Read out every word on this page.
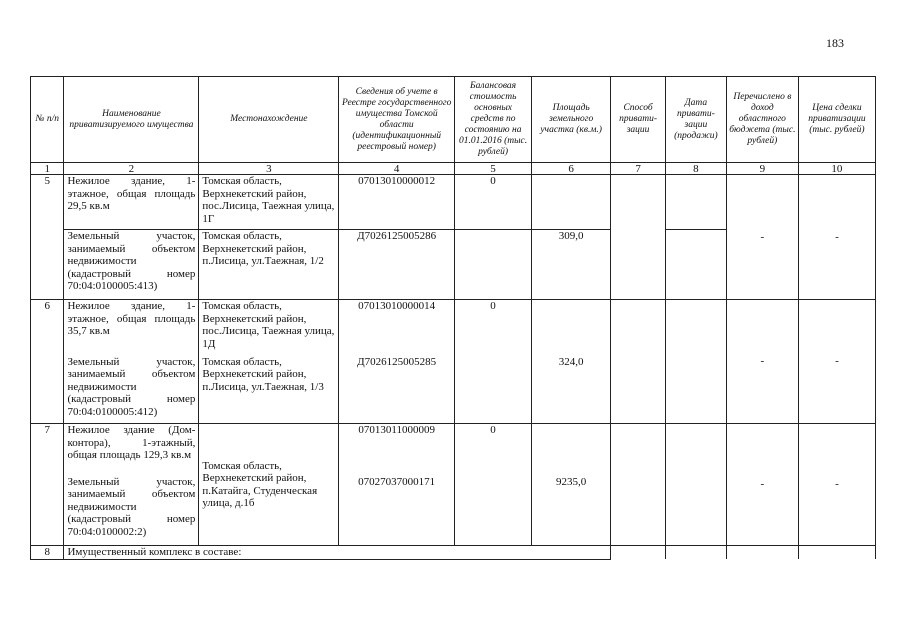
183
№ п/п	Наименование приватизируемого имущества	Местонахождение	Сведения об учете в Реестре государственного имущества Томской области (идентификационный реестровый номер)	Балансовая стоимость основных средств по состоянию на 01.01.2016 (тыс. рублей)	Площадь земельного участка (кв.м.)	Способ привати-зации	Дата привати-зации (продажи)	Перечислено в доход областного бюджета (тыс. рублей)	Цена сделки приватизации (тыс. рублей)
1	2	3	4	5	6	7	8	9	10
5	Нежилое здание, 1-этажное, общая площадь 29,5 кв.м	Томская область, Верхнекетский район, пос.Лисица, Таежная улица, 1Г	07013010000012	0				-	-
	Земельный участок, занимаемый объектом недвижимости (кадастровый номер 70:04:0100005:413)	Томская область, Верхнекетский район, п.Лисица, ул.Таежная, 1/2	Д7026125005286		309,0				
6	Нежилое здание, 1-этажное, общая площадь 35,7 кв.м	Томская область, Верхнекетский район, пос.Лисица, Таежная улица, 1Д	07013010000014	0				-	-
	Земельный участок, занимаемый объектом недвижимости (кадастровый номер 70:04:0100005:412)	Томская область, Верхнекетский район, п.Лисица, ул.Таежная, 1/3	Д7026125005285		324,0				
7	Нежилое здание (Дом-контора), 1-этажный, общая площадь 129,3 кв.м	Томская область, Верхнекетский район, п.Катайга, Студенческая улица, д.1б	07013011000009	0				-	-
	Земельный участок, занимаемый объектом недвижимости (кадастровый номер 70:04:0100002:2)		07027037000171		9235,0				
8	Имущественный комплекс в составе:								
